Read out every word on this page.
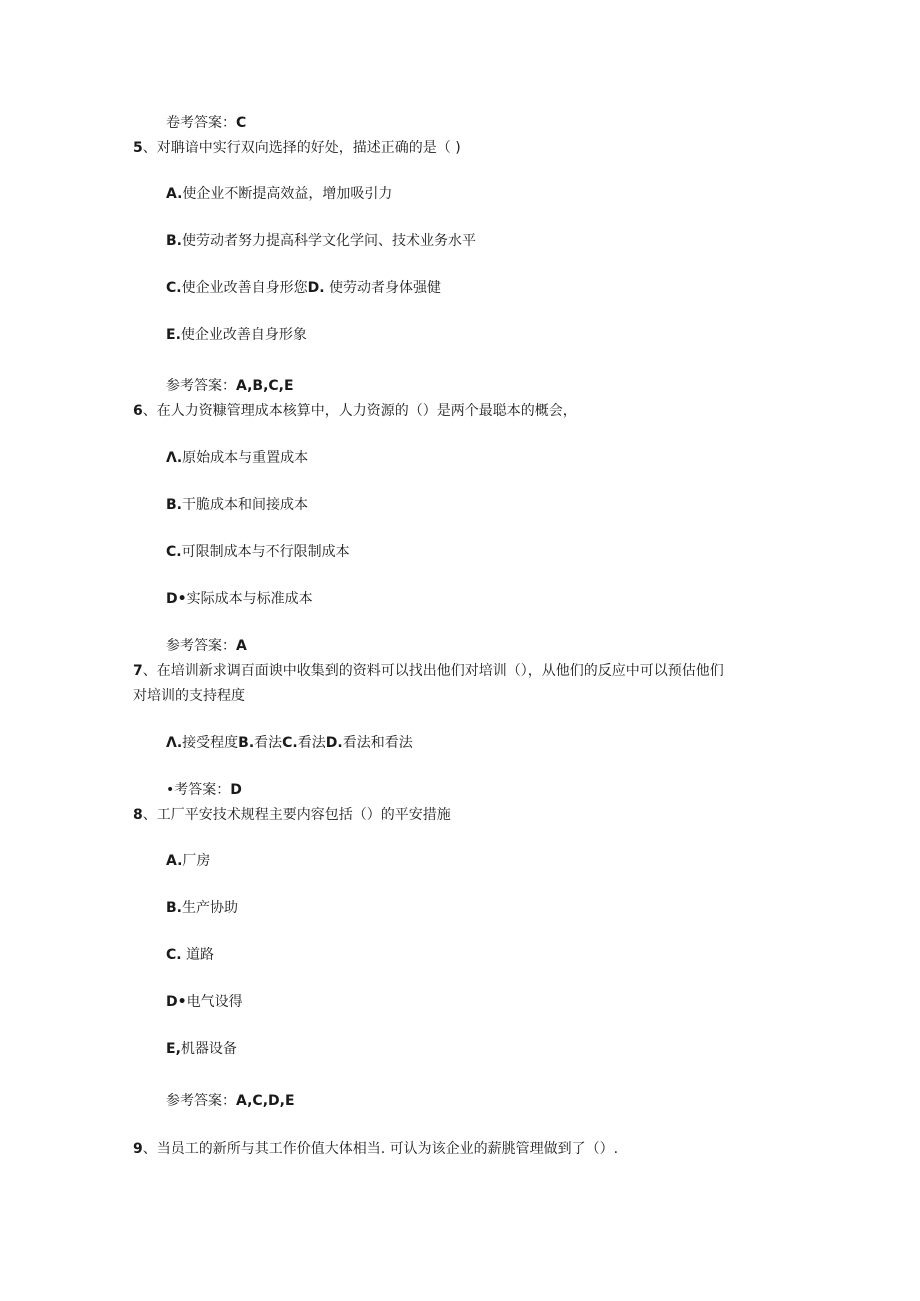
卷考答案：C
5、对聃谙中实行双向选择的好处，描述正确的是（ )
A.使企业不断提高效益，增加吸引力
B.使劳动者努力提高科学文化学问、技术业务水平
C.使企业改善自身形您D. 使劳动者身体强健
E.使企业改善自身形象
参考答案：A,B,C,E
6、在人力资糠管理成本核算中，人力资源的（）是两个最聪本的概会，
Λ.原始成本与重置成本
B.干脆成本和间接成本
C.可限制成本与不行限制成本
D•实际成本与标准成本
参考答案：A
7、在培训新求调百面谀中收集到的资料可以找出他们对培训（），从他们的反应中可以预估他们
对培训的支持程度
Λ.接受程度B.看法C.看法D.看法和看法
•考答案：D
8、工厂平安技术规程主要内容包括（）的平安措施
A.厂房
B.生产协助
C. 道路
D•电气设得
E,机器设备
参考答案：A,C,D,E
9、当员工的新所与其工作价值大体相当. 可认为该企业的薪朓管理做到了（）.
